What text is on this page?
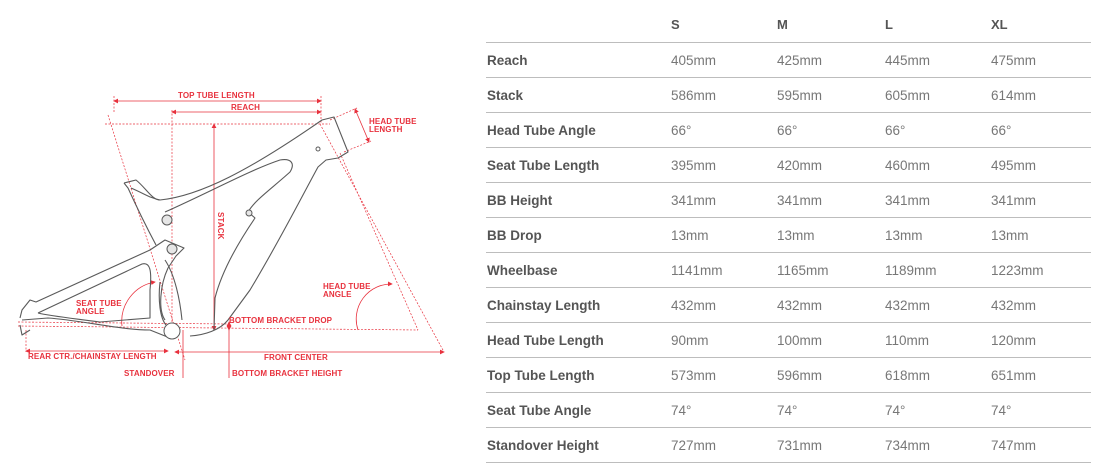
TOP TUBE LENGTH
REACH
HEAD TUBE
LENGTH
STACK
SEAT TUBE
ANGLE
HEAD TUBE
ANGLE
BOTTOM BRACKET DROP
REAR CTR./CHAINSTAY LENGTH	FRONT CENTER
STANDOVER	BOTTOM BRACKET HEIGHT
S	M	L	XL
Reach	405mm	425mm	445mm	475mm
Stack	586mm	595mm	605mm	614mm
Head Tube Angle	66°	66°	66°	66°
Seat Tube Length	395mm	420mm	460mm	495mm
BB Height	341mm	341mm	341mm	341mm
BB Drop	13mm	13mm	13mm	13mm
Wheelbase	1141mm	1165mm	1189mm	1223mm
Chainstay Length	432mm	432mm	432mm	432mm
Head Tube Length	90mm	100mm	110mm	120mm
Top Tube Length	573mm	596mm	618mm	651mm
Seat Tube Angle	74°	74°	74°	74°
Standover Height	727mm	731mm	734mm	747mm
